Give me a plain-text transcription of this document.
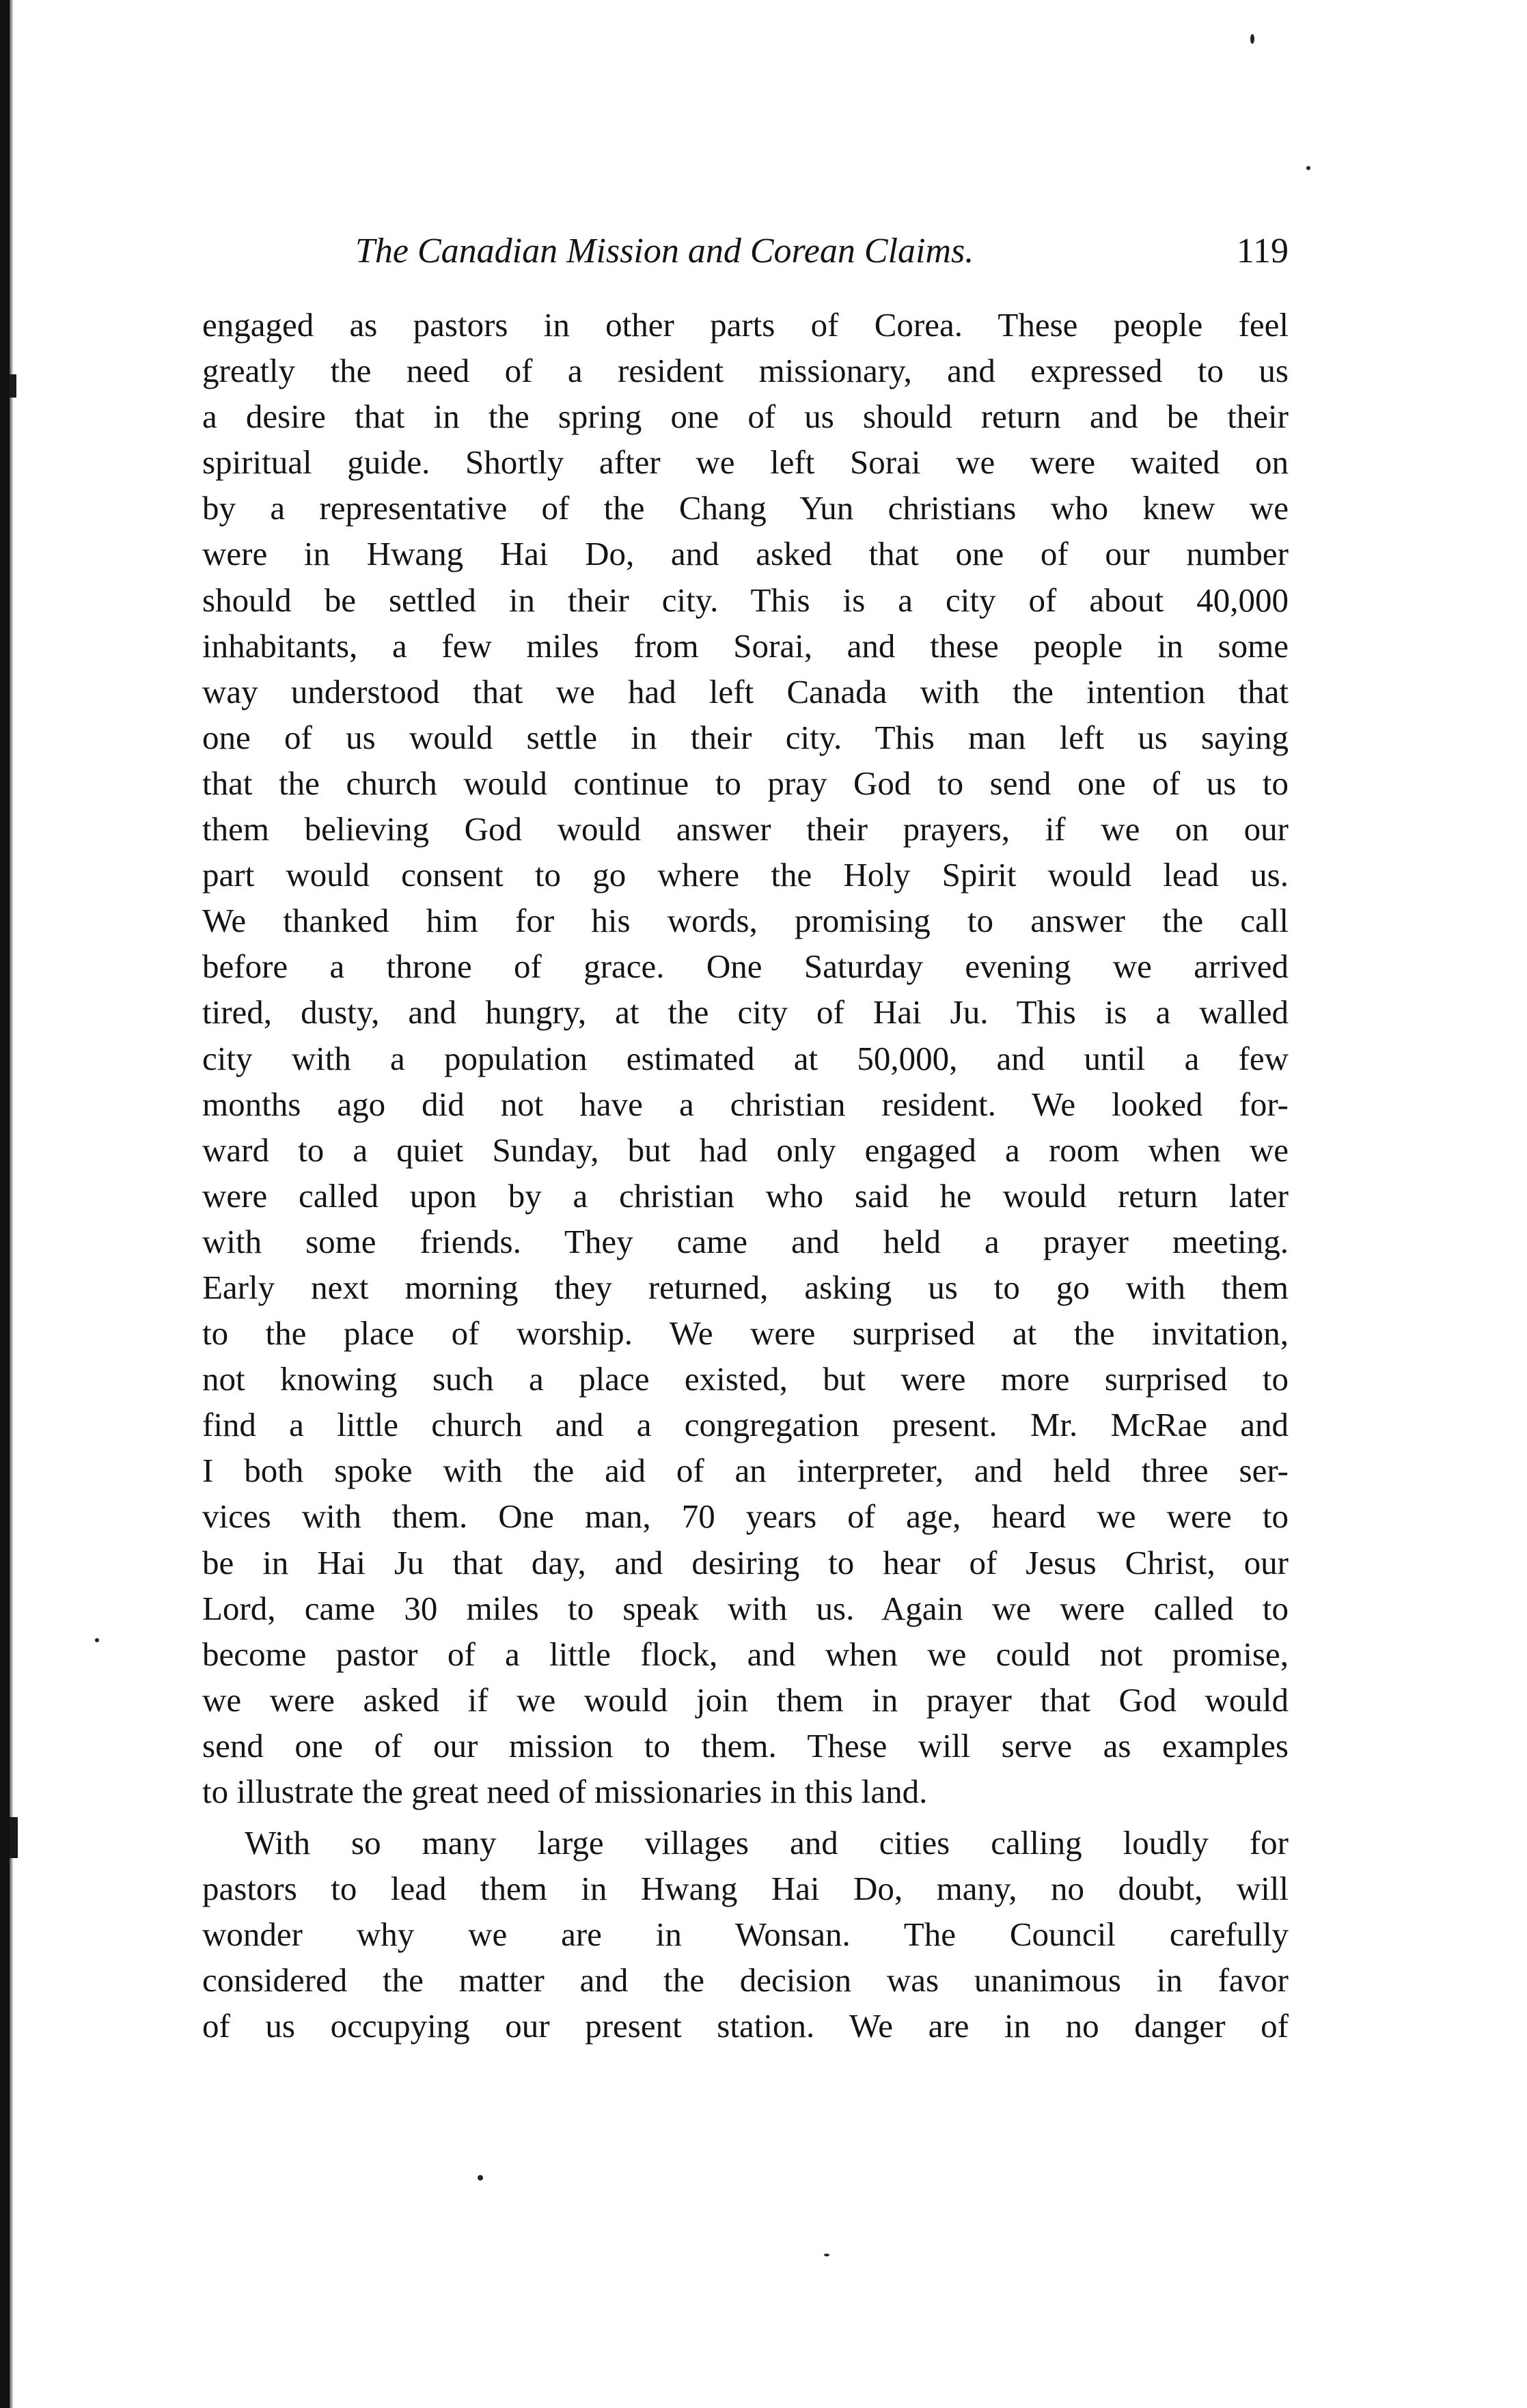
The Canadian Mission and Corean Claims.	119
engaged as pastors in other parts of Corea. These people feel
greatly the need of a resident missionary, and expressed to us
a desire that in the spring one of us should return and be their
spiritual guide. Shortly after we left Sorai we were waited on
by a representative of the Chang Yun christians who knew we
were in Hwang Hai Do, and asked that one of our number
should be settled in their city. This is a city of about 40,000
inhabitants, a few miles from Sorai, and these people in some
way understood that we had left Canada with the intention that
one of us would settle in their city. This man left us saying
that the church would continue to pray God to send one of us to
them believing God would answer their prayers, if we on our
part would consent to go where the Holy Spirit would lead us.
We thanked him for his words, promising to answer the call
before a throne of grace. One Saturday evening we arrived
tired, dusty, and hungry, at the city of Hai Ju. This is a walled
city with a population estimated at 50,000, and until a few
months ago did not have a christian resident. We looked for-
ward to a quiet Sunday, but had only engaged a room when we
were called upon by a christian who said he would return later
with some friends. They came and held a prayer meeting.
Early next morning they returned, asking us to go with them
to the place of worship. We were surprised at the invitation,
not knowing such a place existed, but were more surprised to
find a little church and a congregation present. Mr. McRae and
I both spoke with the aid of an interpreter, and held three ser-
vices with them. One man, 70 years of age, heard we were to
be in Hai Ju that day, and desiring to hear of Jesus Christ, our
Lord, came 30 miles to speak with us. Again we were called to
become pastor of a little flock, and when we could not promise,
we were asked if we would join them in prayer that God would
send one of our mission to them. These will serve as examples
to illustrate the great need of missionaries in this land.
With so many large villages and cities calling loudly for
pastors to lead them in Hwang Hai Do, many, no doubt, will
wonder why we are in Wonsan. The Council carefully
considered the matter and the decision was unanimous in favor
of us occupying our present station. We are in no danger of
